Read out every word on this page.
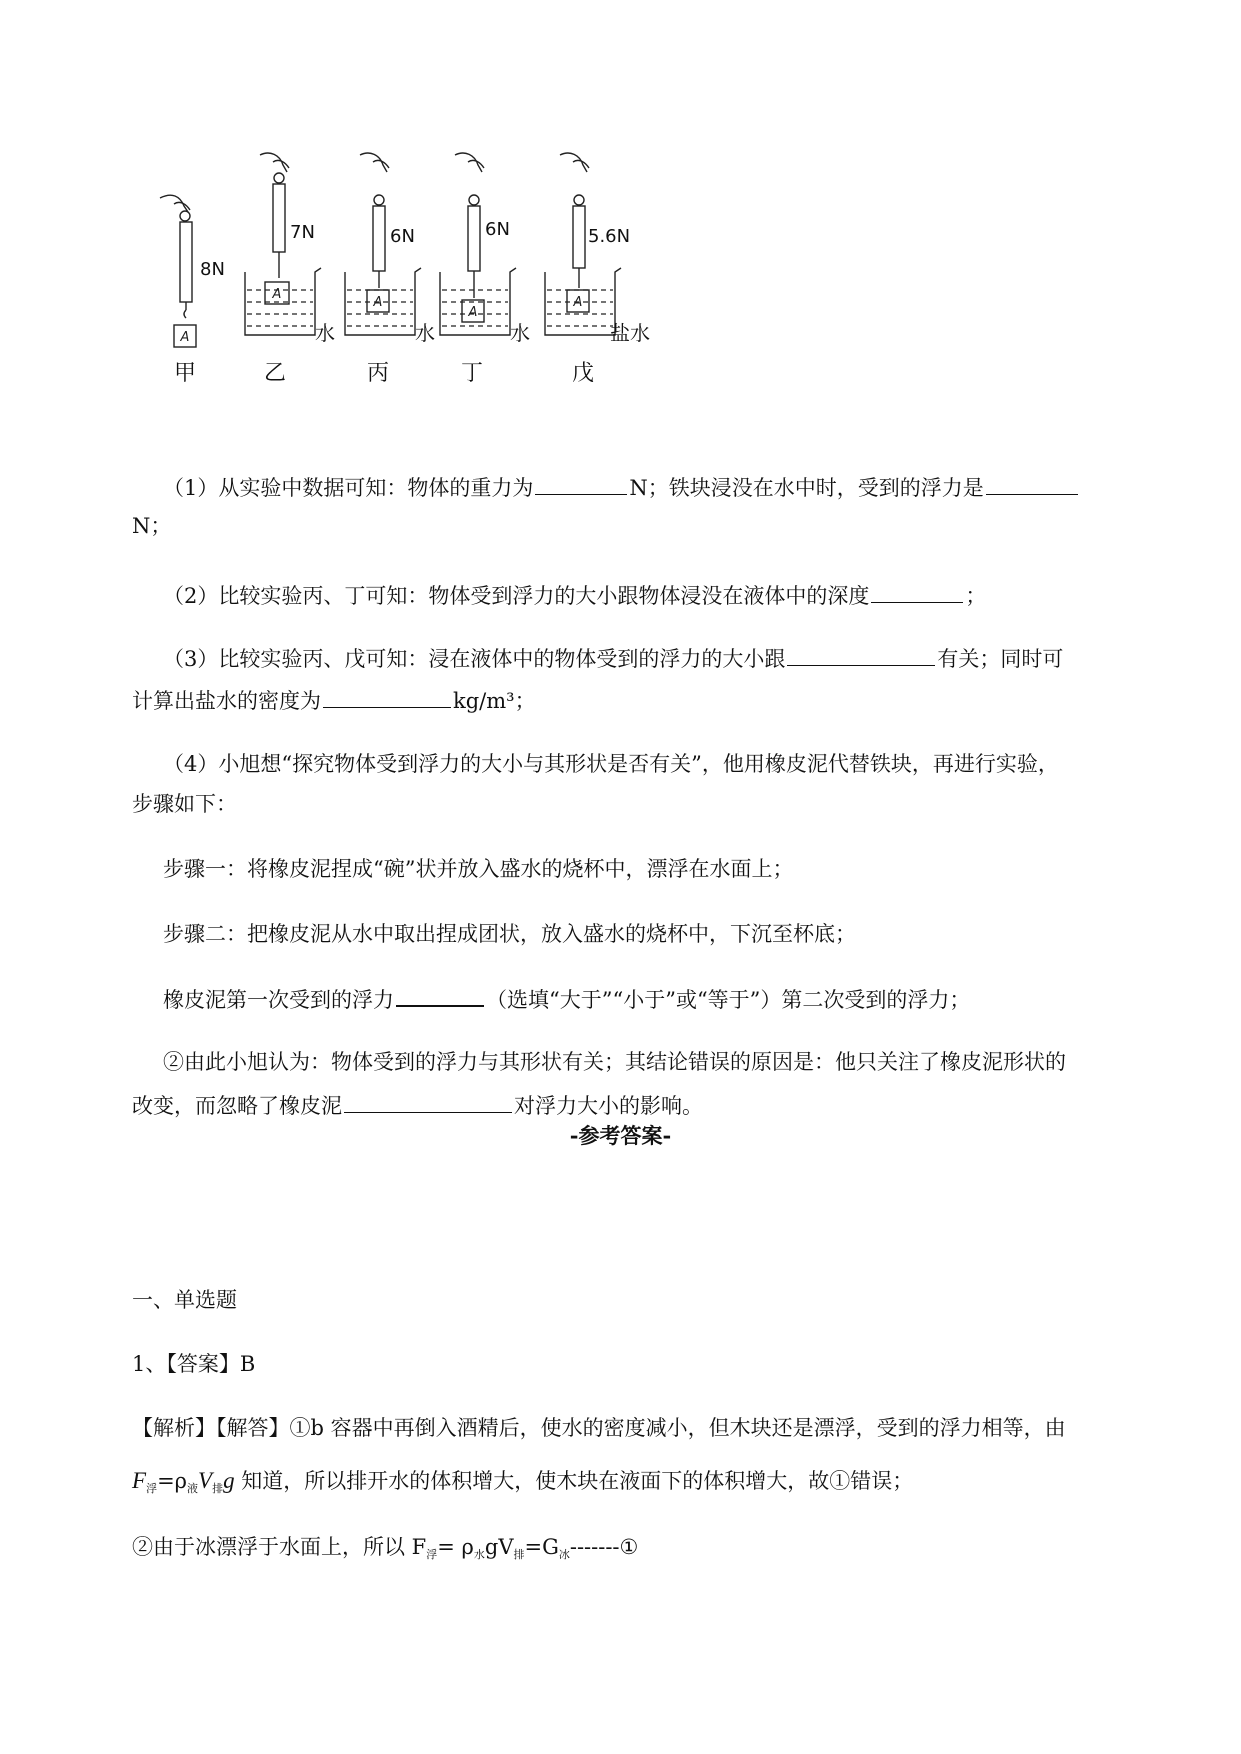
A
A
A
A
A
8N
7N	6N	6N	5.6N
水	水	水	盐水
甲	乙	丙	丁	戊
（1）从实验中数据可知：物体的重力为	N；铁块浸没在水中时，受到的浮力是
N；
（2）比较实验丙、丁可知：物体受到浮力的大小跟物体浸没在液体中的深度	；
（3）比较实验丙、戊可知：浸在液体中的物体受到的浮力的大小跟	有关；同时可
计算出盐水的密度为	kg/m³；
（4）小旭想“探究物体受到浮力的大小与其形状是否有关”，他用橡皮泥代替铁块，再进行实验，
步骤如下：
步骤一：将橡皮泥捏成“碗”状并放入盛水的烧杯中，漂浮在水面上；
步骤二：把橡皮泥从水中取出捏成团状，放入盛水的烧杯中，下沉至杯底；
橡皮泥第一次受到的浮力	（选填“大于”“小于”或“等于”）第二次受到的浮力；
②由此小旭认为：物体受到的浮力与其形状有关；其结论错误的原因是：他只关注了橡皮泥形状的
改变，而忽略了橡皮泥	对浮力大小的影响。
-参考答案-
一、单选题
1、【答案】B
【解析】【解答】①b 容器中再倒入酒精后，使水的密度减小，但木块还是漂浮，受到的浮力相等，由
$F_浮=\rho_液V_排g$ 知道，所以排开水的体积增大，使木块在液面下的体积增大，故①错误；
②由于冰漂浮于水面上，所以 $F_浮=$ $\rho_水gV_排=G_冰-------①$
